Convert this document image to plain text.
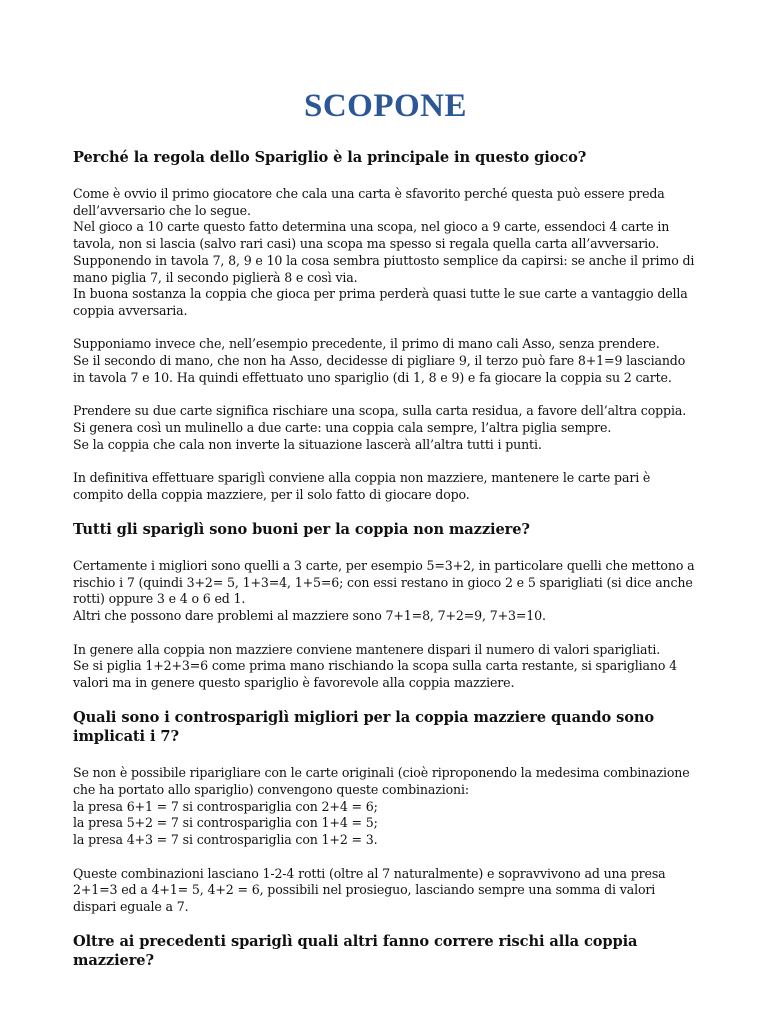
SCOPONE
Perché la regola dello Spariglio è la principale in questo gioco?
Come è ovvio il primo giocatore che cala una carta è sfavorito perché questa può essere preda dell’avversario che lo segue.
Nel gioco a 10 carte questo fatto determina una scopa, nel gioco a 9 carte, essendoci 4 carte in tavola, non si lascia (salvo rari casi) una scopa ma spesso si regala quella carta all’avversario.
Supponendo in tavola 7, 8, 9 e 10 la cosa sembra piuttosto semplice da capirsi: se anche il primo di mano piglia 7, il secondo piglierà 8 e così via.
In buona sostanza la coppia che gioca per prima perderà quasi tutte le sue carte a vantaggio della coppia avversaria.
Supponiamo invece che, nell’esempio precedente, il primo di mano cali Asso, senza prendere.
Se il secondo di mano, che non ha Asso, decidesse di pigliare 9, il terzo può fare 8+1=9 lasciando in tavola 7 e 10. Ha quindi effettuato uno spariglio (di 1, 8 e 9) e fa giocare la coppia su 2 carte.
Prendere su due carte significa rischiare una scopa, sulla carta residua, a favore dell’altra coppia.
Si genera così un mulinello a due carte: una coppia cala sempre, l’altra piglia sempre.
Se la coppia che cala non inverte la situazione lascerà all’altra tutti i punti.
In definitiva effettuare spariglì conviene alla coppia non mazziere, mantenere le carte pari è compito della coppia mazziere, per il solo fatto di giocare dopo.
Tutti gli spariglì sono buoni per la coppia non mazziere?
Certamente i migliori sono quelli a 3 carte, per esempio 5=3+2, in particolare quelli che mettono a rischio i 7 (quindi 3+2= 5, 1+3=4, 1+5=6; con essi restano in gioco 2 e 5 sparigliati (si dice anche rotti) oppure 3 e 4 o 6 ed 1.
Altri che possono dare problemi al mazziere sono 7+1=8, 7+2=9, 7+3=10.
In genere alla coppia non mazziere conviene mantenere dispari il numero di valori sparigliati.
Se si piglia 1+2+3=6 come prima mano rischiando la scopa sulla carta restante, si sparigliano 4 valori ma in genere questo spariglio è favorevole alla coppia mazziere.
Quali sono i controspariglì migliori per la coppia mazziere quando sono implicati i 7?
Se non è possibile riparigliare con le carte originali (cioè riproponendo la medesima combinazione che ha portato allo spariglio) convengono queste combinazioni:
la presa 6+1 = 7 si controspariglia con 2+4 = 6;
la presa 5+2 = 7 si controspariglia con 1+4 = 5;
la presa 4+3 = 7 si controspariglia con 1+2 = 3.
Queste combinazioni lasciano 1-2-4 rotti (oltre al 7 naturalmente) e sopravvivono ad una presa 2+1=3 ed a 4+1= 5, 4+2 = 6, possibili nel prosieguo, lasciando sempre una somma di valori dispari eguale a 7.
Oltre ai precedenti spariglì quali altri fanno correre rischi alla coppia mazziere?
